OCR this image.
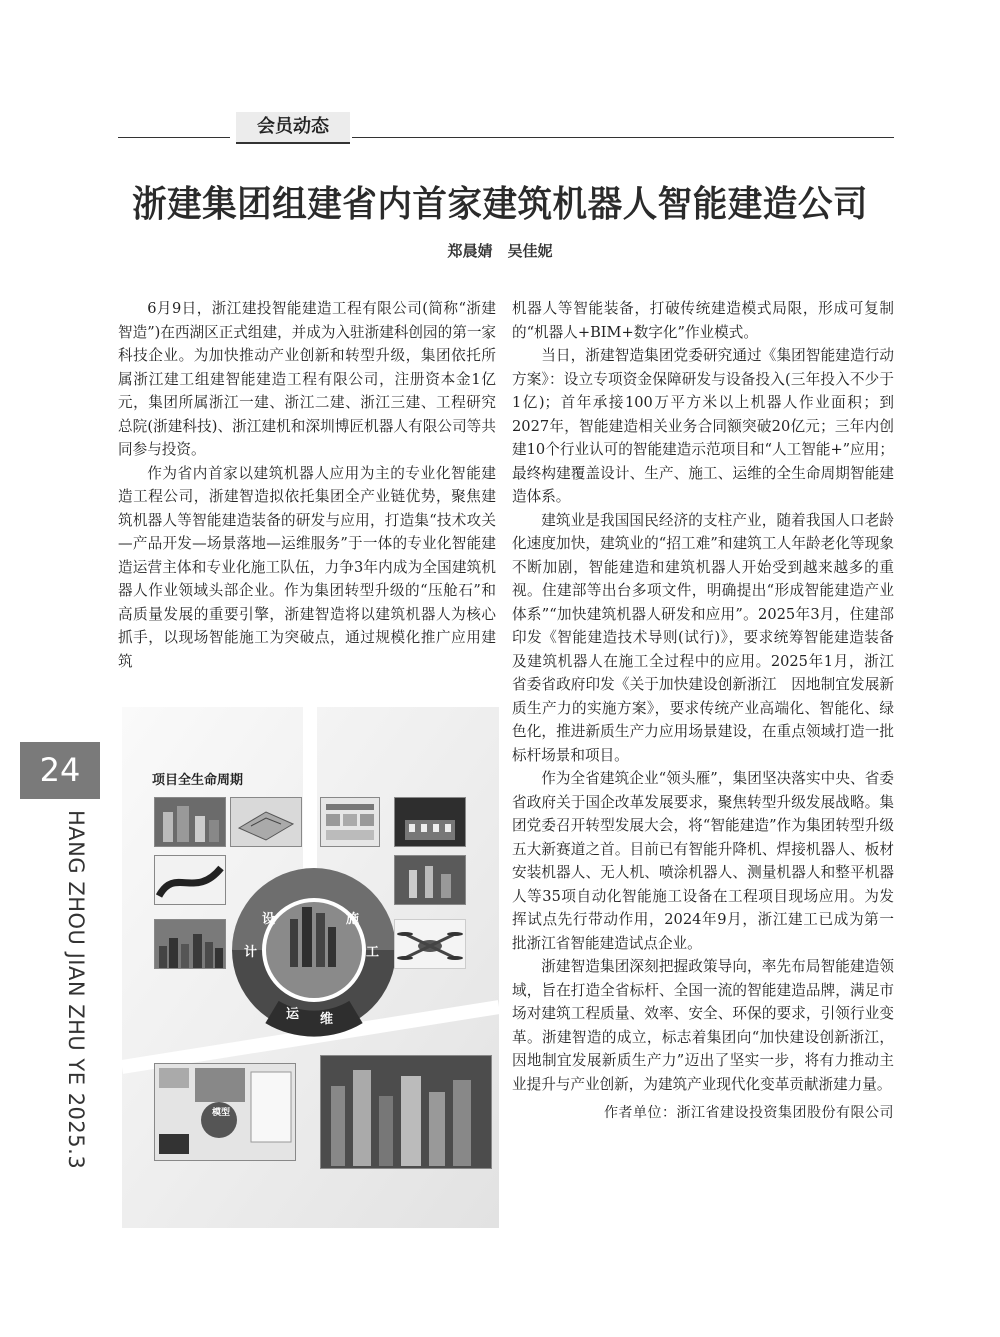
会员动态
浙建集团组建省内首家建筑机器人智能建造公司
郑晨婧　吴佳妮

6月9日，浙江建投智能建造工程有限公司(简称“浙建智造”)在西湖区正式组建，并成为入驻浙建科创园的第一家科技企业。为加快推动产业创新和转型升级，集团依托所属浙江建工组建智能建造工程有限公司，注册资本金1亿元，集团所属浙江一建、浙江二建、浙江三建、工程研究总院(浙建科技)、浙江建机和深圳博匠机器人有限公司等共同参与投资。

作为省内首家以建筑机器人应用为主的专业化智能建造工程公司，浙建智造拟依托集团全产业链优势，聚焦建筑机器人等智能建造装备的研发与应用，打造集“技术攻关—产品开发—场景落地—运维服务”于一体的专业化智能建造运营主体和专业化施工队伍，力争3年内成为全国建筑机器人作业领域头部企业。作为集团转型升级的“压舱石”和高质量发展的重要引擎，浙建智造将以建筑机器人为核心抓手，以现场智能施工为突破点，通过规模化推广应用建筑

机器人等智能装备，打破传统建造模式局限，形成可复制的“机器人+BIM+数字化”作业模式。

当日，浙建智造集团党委研究通过《集团智能建造行动方案》：设立专项资金保障研发与设备投入(三年投入不少于1亿)；首年承接100万平方米以上机器人作业面积；到2027年，智能建造相关业务合同额突破20亿元；三年内创建10个行业认可的智能建造示范项目和“人工智能+”应用；最终构建覆盖设计、生产、施工、运维的全生命周期智能建造体系。

建筑业是我国国民经济的支柱产业，随着我国人口老龄化速度加快，建筑业的“招工难”和建筑工人年龄老化等现象不断加剧，智能建造和建筑机器人开始受到越来越多的重视。住建部等出台多项文件，明确提出“形成智能建造产业体系”“加快建筑机器人研发和应用”。2025年3月，住建部印发《智能建造技术导则(试行)》，要求统筹智能建造装备及建筑机器人在施工全过程中的应用。2025年1月，浙江省委省政府印发《关于加快建设创新浙江　因地制宜发展新质生产力的实施方案》，要求传统产业高端化、智能化、绿色化，推进新质生产力应用场景建设，在重点领域打造一批标杆场景和项目。

作为全省建筑企业“领头雁”，集团坚决落实中央、省委省政府关于国企改革发展要求，聚焦转型升级发展战略。集团党委召开转型发展大会，将“智能建造”作为集团转型升级五大新赛道之首。目前已有智能升降机、焊接机器人、板材安装机器人、无人机、喷涂机器人、测量机器人和整平机器人等35项自动化智能施工设备在工程项目现场应用。为发挥试点先行带动作用，2024年9月，浙江建工已成为第一批浙江省智能建造试点企业。

浙建智造集团深刻把握政策导向，率先布局智能建造领域，旨在打造全省标杆、全国一流的智能建造品牌，满足市场对建筑工程质量、效率、安全、环保的要求，引领行业变革。浙建智造的成立，标志着集团向“加快建设创新浙江，因地制宜发展新质生产力”迈出了坚实一步，将有力推动主业提升与产业创新，为建筑产业现代化变革贡献浙建力量。

作者单位：浙江省建设投资集团股份有限公司

24
HANG ZHOU JIAN ZHU YE 2025.3
项目全生命周期
模型
设
计
施
工
运 维
